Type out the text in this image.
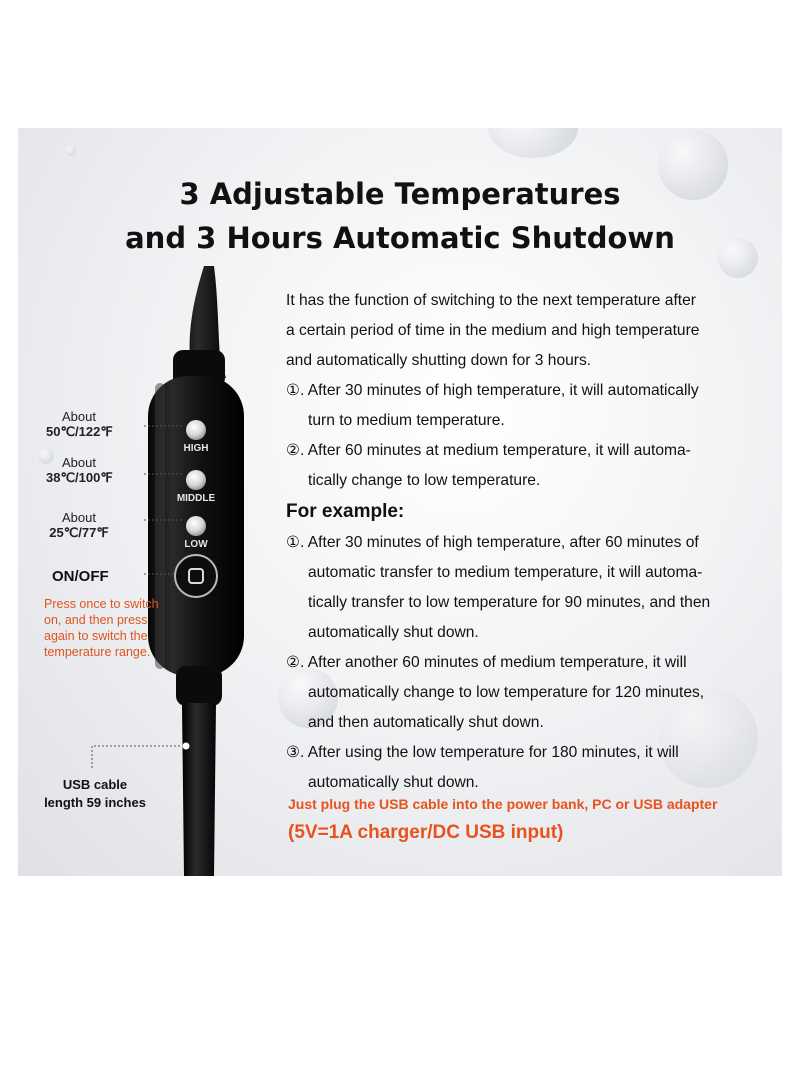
3 Adjustable Temperatures
and 3 Hours Automatic Shutdown
HIGH
MIDDLE
LOW
About
50℃/122℉
About
38℃/100℉
About
25℃/77℉
ON/OFF
Press once to switch on, and then press again to switch the temperature range.
USB cable
length 59 inches

It has the function of switching to the next temperature after

a certain period of time in the medium and high temperature

and automatically shutting down for 3 hours.

①. After 30 minutes of high temperature, it will automatically

turn to medium temperature.

②. After 60 minutes at medium temperature, it will automa-

tically change to low temperature.

For example:

①. After 30 minutes of high temperature, after 60 minutes of

automatic transfer to medium temperature, it will automa-

tically transfer to low temperature for 90 minutes, and then

automatically shut down.

②. After another 60 minutes of medium temperature, it will

automatically change to low temperature for 120 minutes,

and then automatically shut down.

③. After using the low temperature for 180 minutes, it will

automatically shut down.

Just plug the USB cable into the power bank, PC or USB adapter
(5V=1A charger/DC USB input)
